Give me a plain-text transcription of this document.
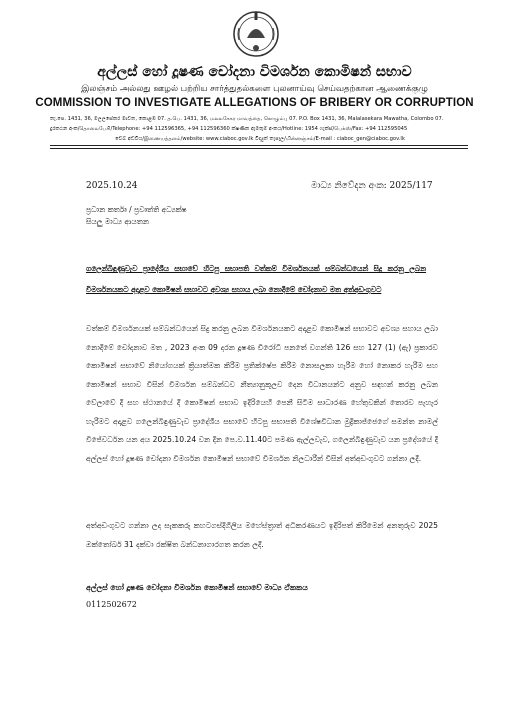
අල්ලස් හෝ දූෂණ චෝදනා විමර්ශන කොමිෂන් සභාව
இலஞ்சம் அல்லது ஊழல் பற்றிய சார்த்துதல்களை புலனாய்வு செய்வதற்கான ஆணைக்குழு
COMMISSION TO INVESTIGATE ALLEGATIONS OF BRIBERY OR CORRUPTION
තැ.පෙ. 1431, 36, මලලසේකර මාවත, කොළඹ 07. த.பெ. 1431, 36, மலலசேகர மாவத்தை, கொழும்பு 07. P.O. Box 1431, 36, Malalasekara Mawatha, Colombo 07.
දුරකථන අංක/தொலைபேசி/Telephone: +94 112596365, +94 112596360 ක්ෂණික ඇමතුම් අංකය/Hotline: 1954 ෆැක්ස්/பெக்ஸ்/Fax: +94 112595045
වෙබ් අඩවිය/இணையத்தளம்/website: www.ciaboc.gov.lk විද්‍යුත් තැපෑල/மின்னஞ்சல்/E-mail : ciaboc_gen@ciaboc.gov.lk
2025.10.24	මාධ්‍ය නිවේදන අංක: 2025/117
ප්‍රධාන කර්තෘ / ප්‍රවෘත්ති අධ්‍යක්ෂ
සියලු මාධ්‍ය ආයතන
ගලෙන්බිඳුණුවැව ප්‍රාදේශීය සභාවේ හිටපු සභාපති වත්කම් විමර්ශනයක් සම්බන්ධයෙන් සිදු කරනු ලබන විමර්ශනයකට අදාළව කොමිෂන් සභාවට අවශ්‍ය සහාය ලබා නොදීමේ චෝදනාව මත අත්අඩංගුවට
වත්කම් විමර්ශනයක් සම්බන්ධයෙන් සිදු කරනු ලබන විමර්ශනයකට අදාළව කොමිෂන් සභාවට අවශ්‍ය සහාය ලබා නොදීමේ චෝදනාව මත , 2023 අංක 09 දරන දූෂණ විරෝධී පනතේ වගන්ති 126 සහ 127 (1) (ඇ) ප්‍රකාරව කොමිෂන් සභාවේ නියෝගයක් ක්‍රියාත්මක කිරීම ප්‍රතික්ෂේප කිරීම නොසලකා හැරීම හෝ නොකර හැරීම සහ කොමිෂන් සභාව විසින් විමර්ශන සම්බන්ධව නීත්‍යානුකූලව දෙන විධානයන්ට අනුව සඳහන් කරනු ලබන වේලාවේ දී සහ ස්ථානයේ දී කොමිෂන් සභාව ඉදිරියෙහි පෙනී සිටීම සාධාරණ හේතුවකින් තොරව පැහැර හැරීමට අදාළව ගලෙන්බිඳුණුවැව ප්‍රාදේශීය සභාවේ හිටපු සභාපති විශේෂවිධාන මුද්‍රිකාජ්ජෙගේ සමන්ත නාමල් විජේවර්ධන යන අය 2025.10.24 වන දින පෙ.ව.11.40ට පමණ ඇල්ලවැව, ගලෙන්බිඳුණුවැව යන ප්‍රදේශයේ දී අල්ලස් හෝ දූෂණ චෝදනා විමර්ශන කොමිෂන් සභාවේ විමර්ශන නිලධාරීන් විසින් අත්අඩංගුවට ගන්නා ලදී.
අත්අඩංගුවට ගන්නා ලද සැකකරු කහටගස්දිගිලිය මහේස්ත්‍රාත් අධිකරණයට ඉදිරිපත් කිරීමෙන් අනතුරුව 2025 ඔක්තෝබර් 31 දක්වා රක්ෂිත බන්ධනාගාරගත කරන ලදී.
අල්ලස් හෝ දූෂණ චෝදනා විමර්ශන කොමිෂන් සභාවේ මාධ්‍ය ඒකකය
0112502672
